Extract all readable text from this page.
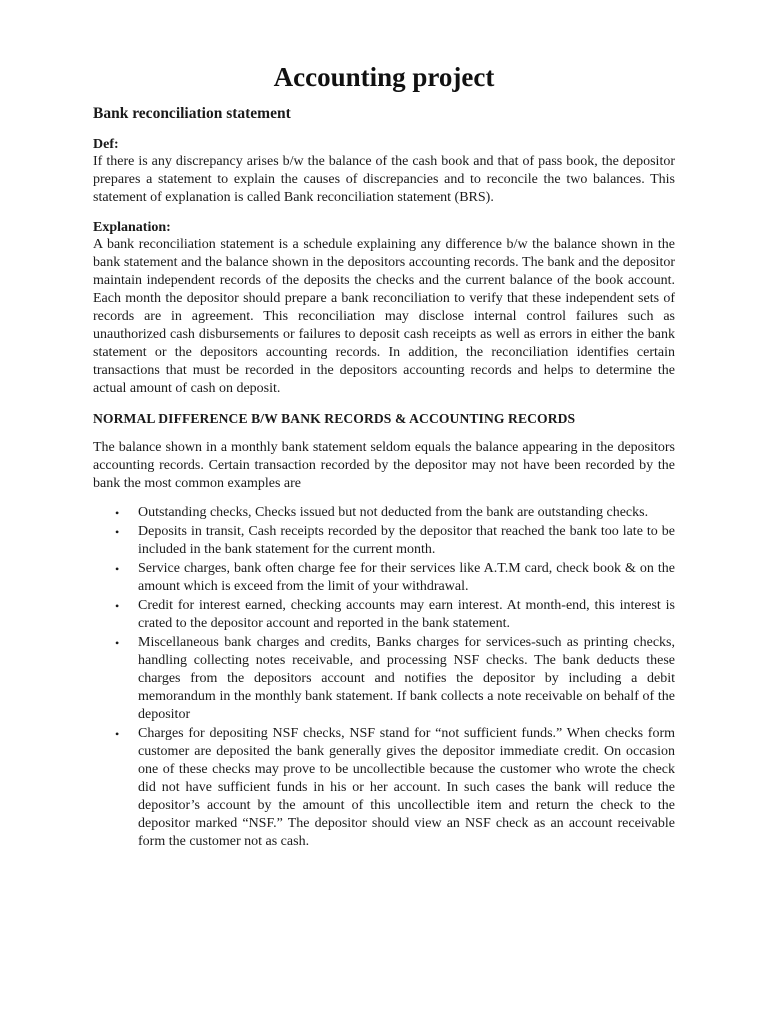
Accounting project
Bank reconciliation statement
Def:

If there is any discrepancy arises b/w the balance of the cash book and that of pass book, the depositor prepares a statement to explain the causes of discrepancies and to reconcile the two balances. This statement of explanation is called Bank reconciliation statement (BRS).

Explanation:

A bank reconciliation statement is a schedule explaining any difference b/w the balance shown in the bank statement and the balance shown in the depositors accounting records. The bank and the depositor maintain independent records of the deposits the checks and the current balance of the book account. Each month the depositor should prepare a bank reconciliation to verify that these independent sets of records are in agreement. This reconciliation may disclose internal control failures such as unauthorized cash disbursements or failures to deposit cash receipts as well as errors in either the bank statement or the depositors accounting records. In addition, the reconciliation identifies certain transactions that must be recorded in the depositors accounting records and helps to determine the actual amount of cash on deposit.

NORMAL DIFFERENCE B/W BANK RECORDS & ACCOUNTING RECORDS

The balance shown in a monthly bank statement seldom equals the balance appearing in the depositors accounting records. Certain transaction recorded by the depositor may not have been recorded by the bank the most common examples are

• Outstanding checks, Checks issued but not deducted from the bank are outstanding checks.
• Deposits in transit, Cash receipts recorded by the depositor that reached the bank too late to be included in the bank statement for the current month.
• Service charges, bank often charge fee for their services like A.T.M card, check book & on the amount which is exceed from the limit of your withdrawal.
• Credit for interest earned, checking accounts may earn interest. At month-end, this interest is crated to the depositor account and reported in the bank statement.
• Miscellaneous bank charges and credits, Banks charges for services-such as printing checks, handling collecting notes receivable, and processing NSF checks. The bank deducts these charges from the depositors account and notifies the depositor by including a debit memorandum in the monthly bank statement. If bank collects a note receivable on behalf of the depositor
• Charges for depositing NSF checks, NSF stand for “not sufficient funds.” When checks form customer are deposited the bank generally gives the depositor immediate credit. On occasion one of these checks may prove to be uncollectible because the customer who wrote the check did not have sufficient funds in his or her account. In such cases the bank will reduce the depositor’s account by the amount of this uncollectible item and return the check to the depositor marked “NSF.” The depositor should view an NSF check as an account receivable form the customer not as cash.
